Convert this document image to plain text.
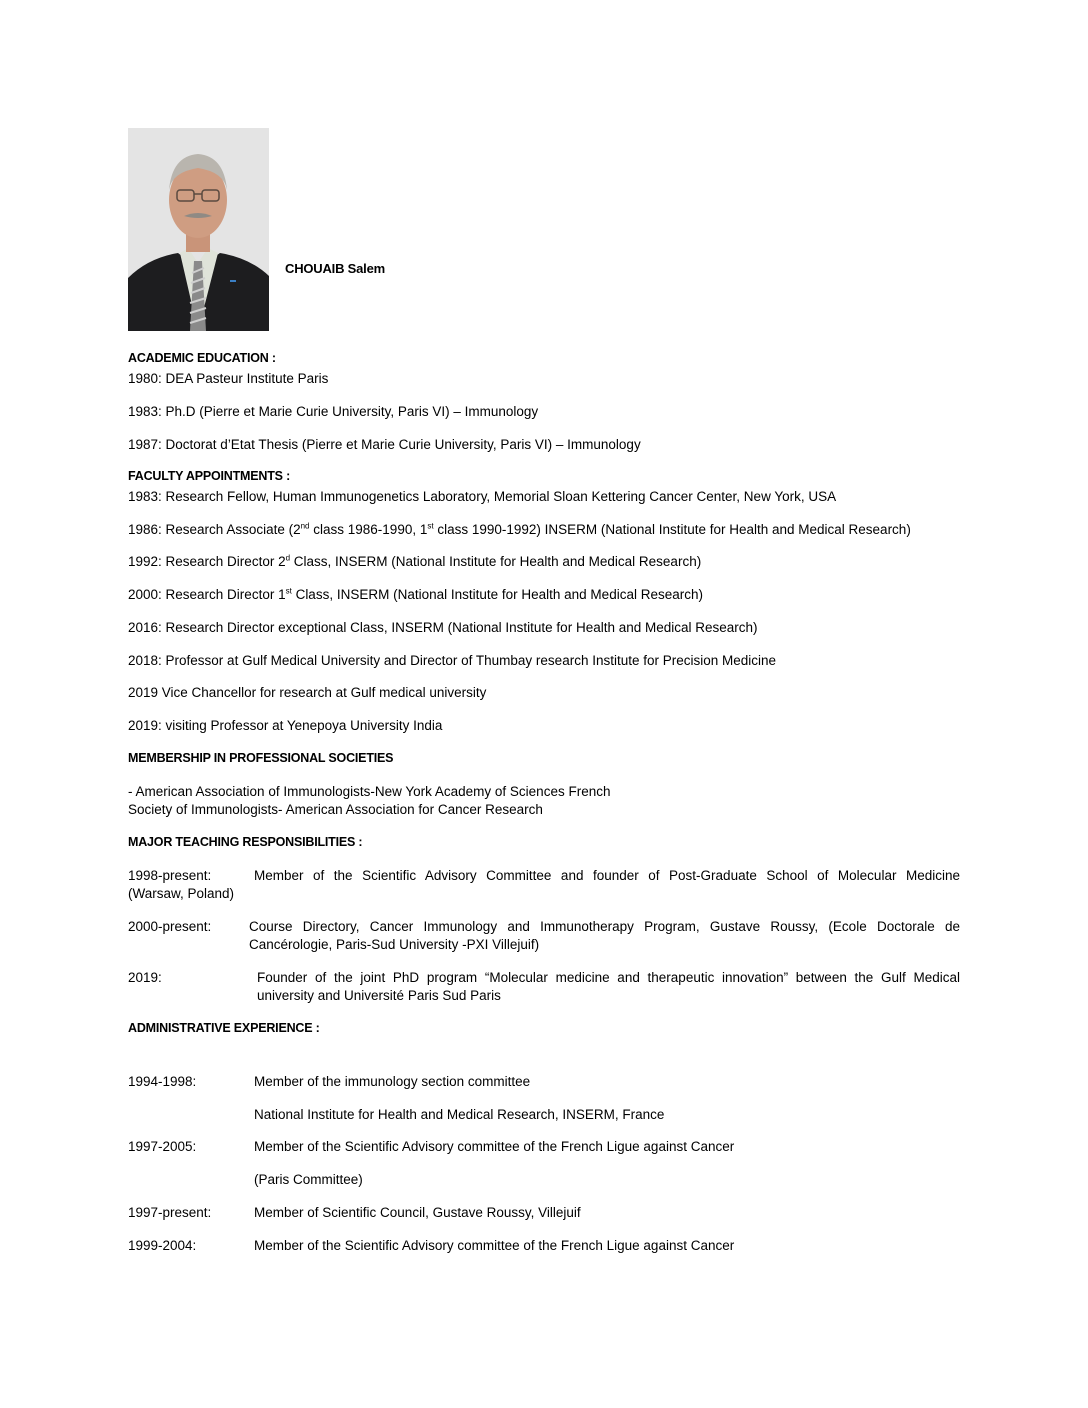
CHOUAIB Salem
ACADEMIC EDUCATION :
1980: DEA Pasteur Institute Paris
1983: Ph.D (Pierre et Marie Curie University, Paris VI) – Immunology
1987: Doctorat d’Etat Thesis (Pierre et Marie Curie University, Paris VI) – Immunology
FACULTY APPOINTMENTS :
1983: Research Fellow, Human Immunogenetics Laboratory, Memorial Sloan Kettering Cancer Center, New York, USA
1986: Research Associate (2nd class 1986-1990, 1st class 1990-1992) INSERM (National Institute for Health and Medical Research)
1992: Research Director 2$^d$ Class, INSERM (National Institute for Health and Medical Research)
2000: Research Director 1st Class, INSERM (National Institute for Health and Medical Research)
2016: Research Director exceptional Class, INSERM (National Institute for Health and Medical Research)
2018: Professor at Gulf Medical University and Director of Thumbay research Institute for Precision Medicine
2019 Vice Chancellor for research at Gulf medical university
2019: visiting Professor at Yenepoya University India
MEMBERSHIP IN PROFESSIONAL SOCIETIES
- American Association of Immunologists-New York Academy of Sciences French
Society of Immunologists- American Association for Cancer Research
MAJOR TEACHING RESPONSIBILITIES :
1998-present:	Member of the Scientific Advisory Committee and founder of Post-Graduate School of Molecular Medicine
(Warsaw, Poland)
2000-present:	Course Directory, Cancer Immunology and Immunotherapy Program, Gustave Roussy, (Ecole Doctorale de
Cancérologie, Paris-Sud University -PXI Villejuif)
2019:	Founder of the joint PhD program “Molecular medicine and therapeutic innovation” between the Gulf Medical
university and Université Paris Sud Paris
ADMINISTRATIVE EXPERIENCE :
1994-1998:	Member of the immunology section committee
National Institute for Health and Medical Research, INSERM, France
1997-2005:	Member of the Scientific Advisory committee of the French Ligue against Cancer
(Paris Committee)
1997-present:	Member of Scientific Council, Gustave Roussy, Villejuif
1999-2004:	Member of the Scientific Advisory committee of the French Ligue against Cancer
